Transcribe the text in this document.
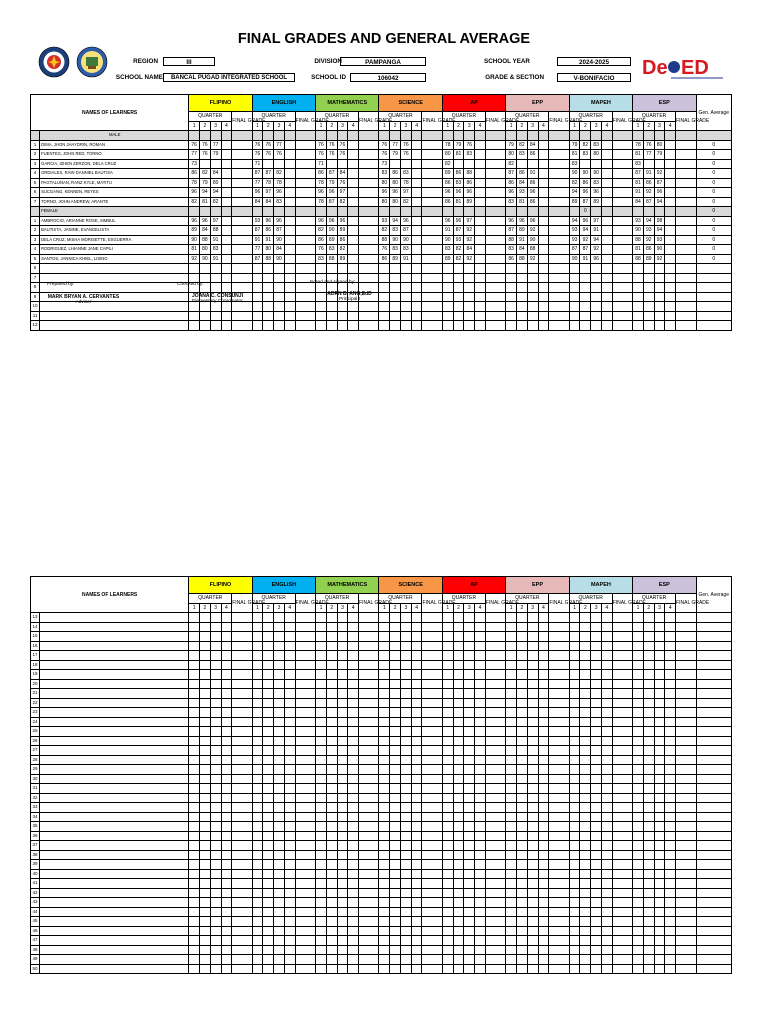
FINAL GRADES AND GENERAL AVERAGE
De ED
REGION	III	DIVISION	PAMPANGA	SCHOOL YEAR	2024-2025
SCHOOL NAME	BANCAL PUGAD INTEGRATED SCHOOL	SCHOOL ID	106042	GRADE & SECTION	V-BONIFACIO
NAMES OF LEARNERS		FLIPINO					ENGLISH					MATHEMATICS					SCIENCE					AP					EPP					MAPEH					ESP					Gen. Average
		QUARTER				FINAL GRADE	QUARTER				FINAL GRADE	QUARTER				FINAL GRADE	QUARTER				FINAL GRADE	QUARTER				FINAL GRADE	QUARTER				FINAL GRADE	QUARTER				FINAL GRADE	QUARTER				FINAL GRADE	
		1	2	3	4		1	2	3	4		1	2	3	4		1	2	3	4		1	2	3	4		1	2	3	4		1	2	3	4		1	2	3	4		
	MALE																																									
1	DIMA, JHON JHAYDRIN, ROMAN	76	76	77			76	76	77			76	76	76			76	77	76			78	79	76			79	82	84			79	82	83			78	76	80			0
2	FUENTES, JOHN RED, TORNO	77	76	79			76	76	76			76	76	76			76	79	76			80	81	83			80	83	86			81	83	80			81	77	79			0
3	GARCIA, IZHEN ZERZON, DELA CRUZ	73					71					71					73					82					82					83					83					0
4	ORDIALES, RAIN DANNIEL BAUTISA	86	82	84			87	87	82			86	87	84			83	86	83			89	86	88			87	86	91			90	90	90			87	91	92			0
5	PAGTALUNAN, RANZ KYLE, MATITU	78	79	80			77	78	78			78	79	76			80	80	78			86	83	86			86	84	86			82	86	83			81	86	87			0
6	SUCGANG, KENNEN, REYES	96	94	94			96	97	96			96	96	97			96	96	97			96	96	96			96	93	96			94	96	96			91	92	96			0
7	TORNO, JOHN ANDREW, ARANTE	82	81	82			84	84	83			78	87	82			80	80	82			86	81	89			83	81	86			89	87	89			84	87	94			0
	FEMALE																																0									0
1	AMBROCIO, ARIANNE ROSE, SIMBUL	96	96	97			93	96	96			96	96	96			93	94	96			96	96	97			96	96	96			94	96	97			93	94	98			0
2	BAUTISTA, JANINE, EVANGELISTA	89	84	88			87	86	87			82	90	89			82	83	87			91	87	92			87	89	92			93	94	91			90	93	94			0
3	DELA CRUZ, MISHA MORISETTE, ESGUERRA	90	88	91			91	91	90			86	89	86			88	90	90			90	93	92			88	91	90			93	92	94			88	92	93			0
4	RODRIGUEZ, LHIANNE JANE CAPILI	81	80	83			77	80	84			76	83	82			76	83	83			83	82	84			83	84	88			87	87	92			81	86	90			0
5	SANTOS, JANNICA KHIEL, LISING	92	90	91			87	88	90			83	88	89			86	89	91			89	82	92			86	88	92			90	91	96			88	89	92			0
6																																										
7																																										
8																																										
9																																										
10																																										
11																																										
12																																										
Prepared by:
MARK BRYAN A. CERVANTES
Adviser
Checked by:
JOANA C. CONSUNJI
Elementary Coordinator
Noted and signed by:
ADRN B. ANG,EdD
Principal I
NAMES OF LEARNERS		FLIPINO					ENGLISH					MATHEMATICS					SCIENCE					AP					EPP					MAPEH					ESP					Gen. Average
		QUARTER				FINAL GRADE	QUARTER				FINAL GRADE	QUARTER				FINAL GRADE	QUARTER				FINAL GRADE	QUARTER				FINAL GRADE	QUARTER				FINAL GRADE	QUARTER				FINAL GRADE	QUARTER				FINAL GRADE	
		1	2	3	4		1	2	3	4		1	2	3	4		1	2	3	4		1	2	3	4		1	2	3	4		1	2	3	4		1	2	3	4		
13																																										
14																																										
15																																										
16																																										
17																																										
18																																										
19																																										
20																																										
21																																										
22																																										
23																																										
24																																										
25																																										
26																																										
27																																										
28																																										
29																																										
30																																										
31																																										
32																																										
33																																										
34																																										
35																																										
36																																										
37																																										
38																																										
39																																										
40																																										
41																																										
42																																										
43																																										
44																																										
45																																										
46																																										
47																																										
48																																										
49																																										
50																																										
